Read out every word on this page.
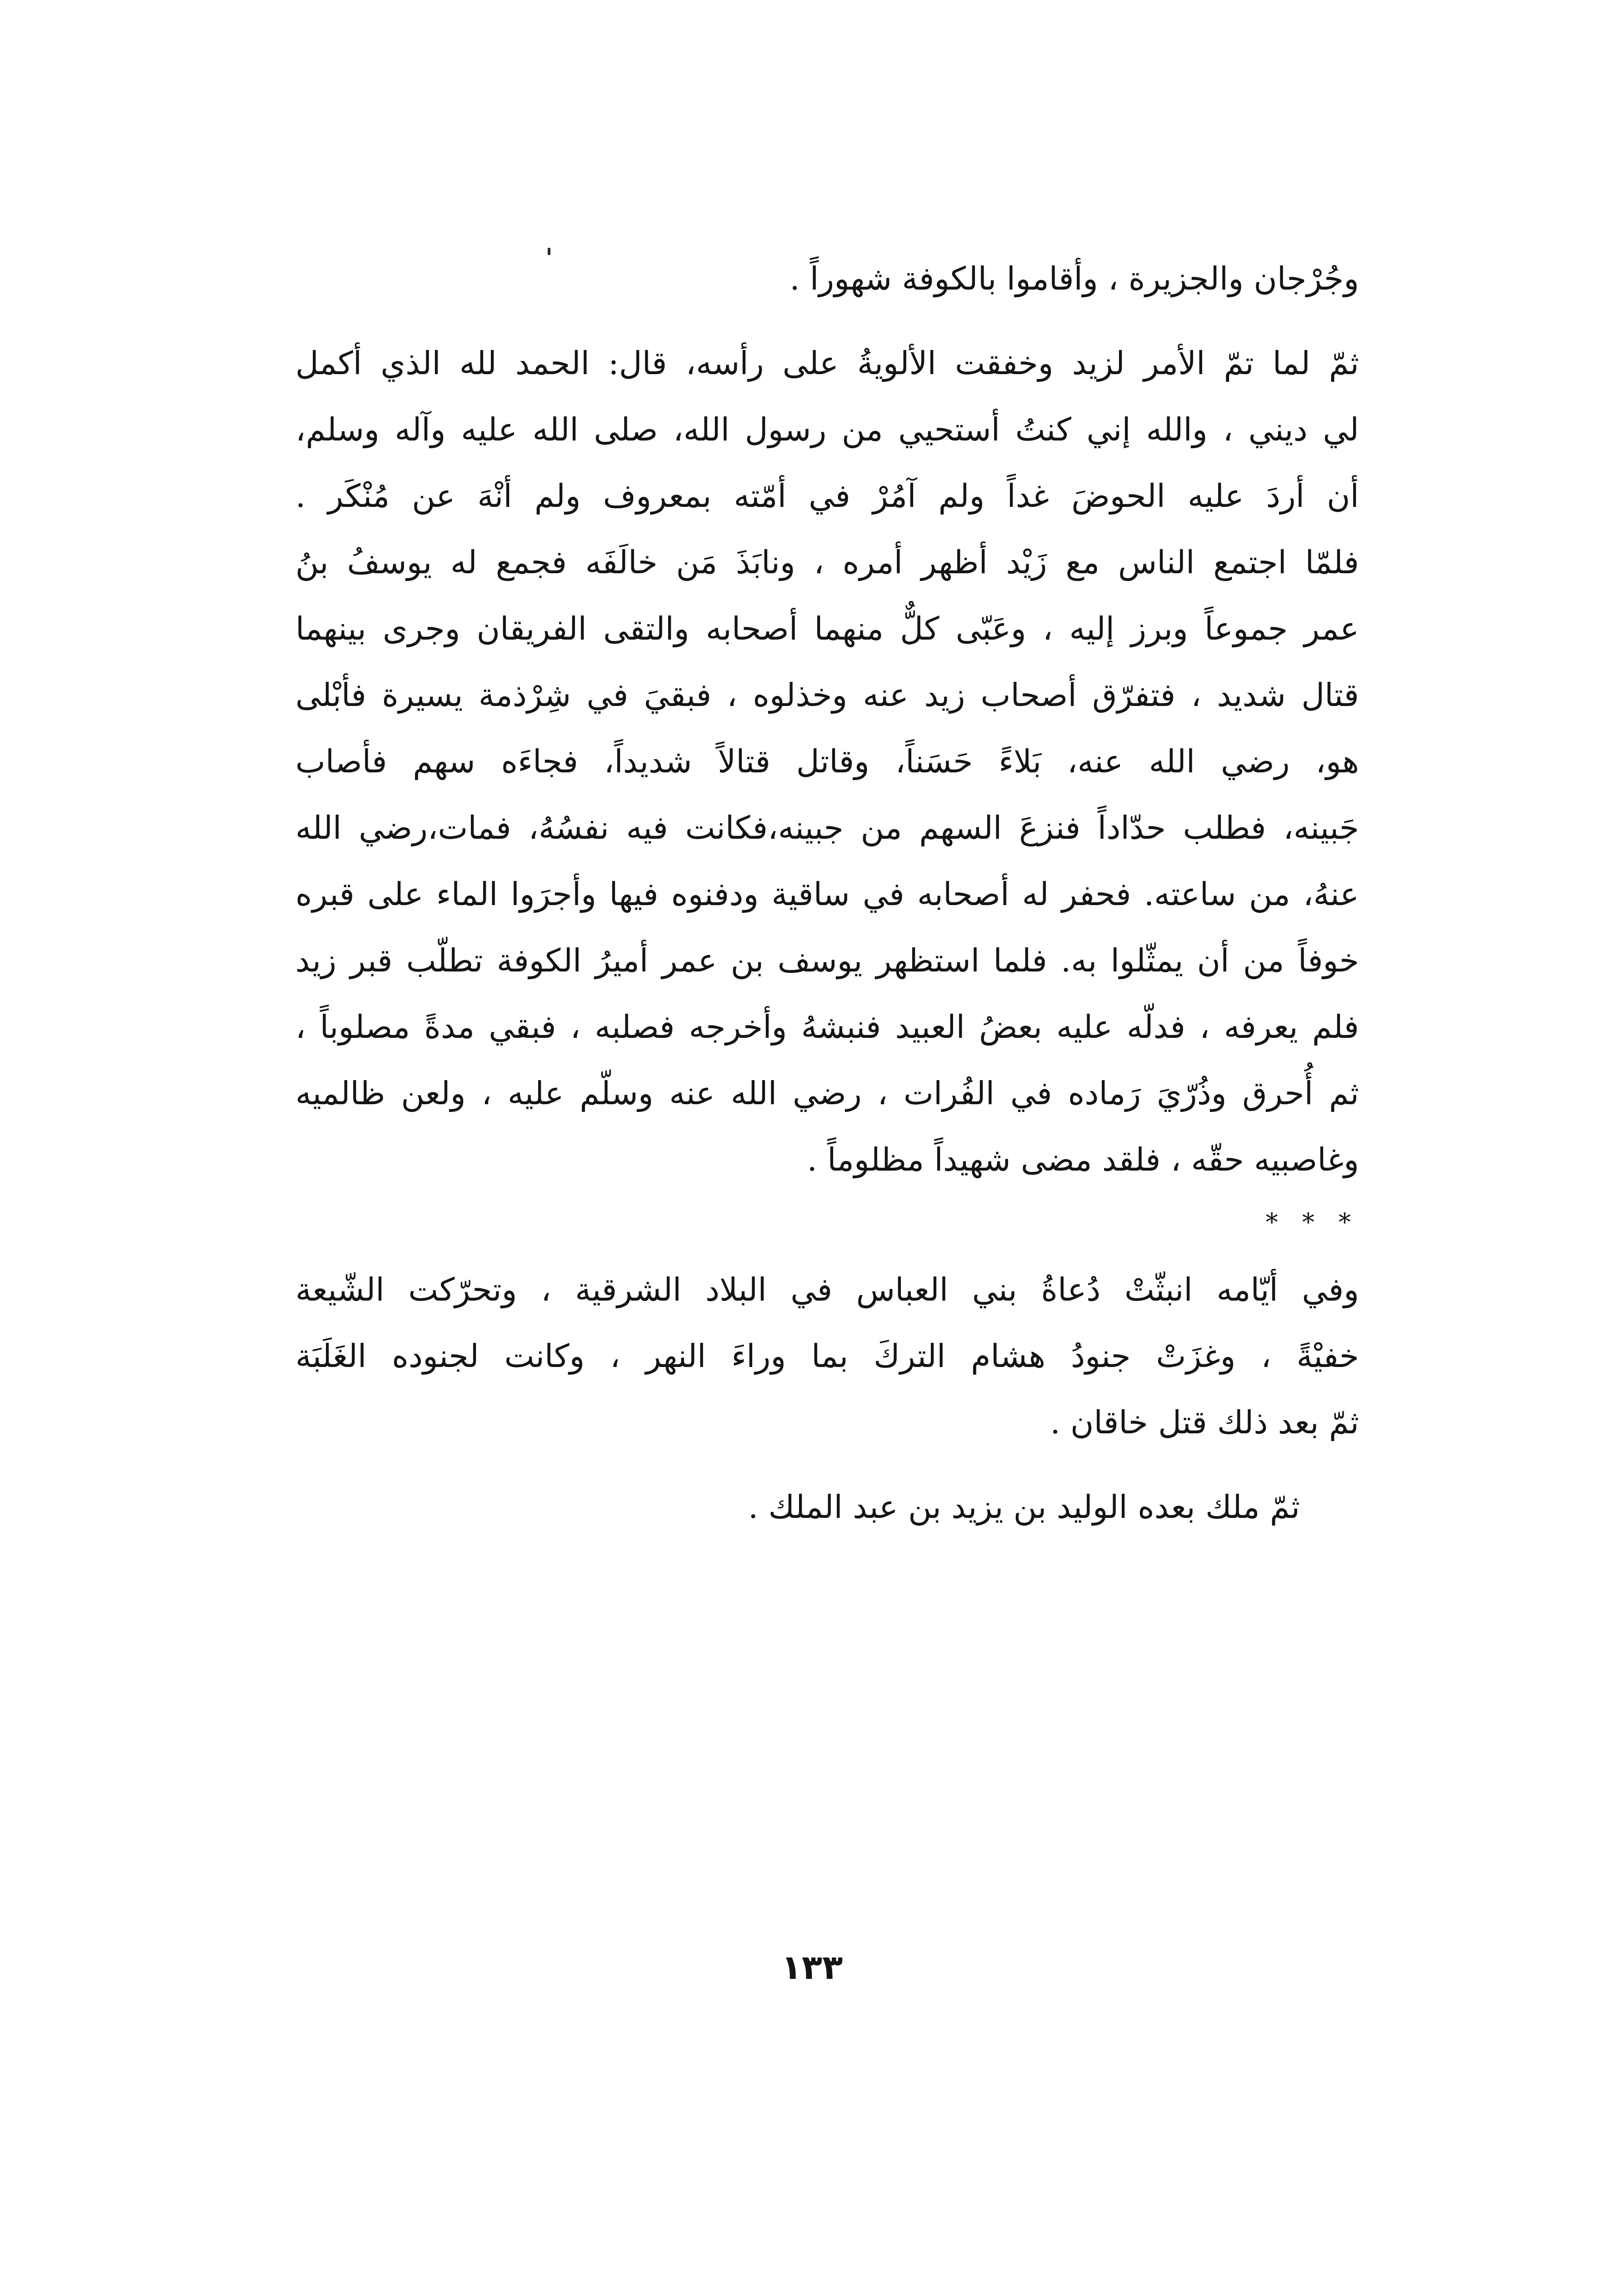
وجُرْجان والجزيرة ، وأقاموا بالكوفة شهوراً .
ثمّ لما تمّ الأمر لزيد وخفقت الألويةُ على رأسه، قال: الحمد لله الذي أكمل
لي ديني ، والله إني كنتُ أستحيي من رسول الله، صلى الله عليه وآله وسلم،
أن أردَ عليه الحوضَ غداً ولم آمُرْ في أمّته بمعروف ولم أنْهَ عن مُنْكَر .
فلمّا اجتمع الناس مع زَيْد أظهر أمره ، ونابَذَ مَن خالَفَه فجمع له يوسفُ بنُ
عمر جموعاً وبرز إليه ، وعَبّى كلٌّ منهما أصحابه والتقى الفريقان وجرى بينهما
قتال شديد ، فتفرّق أصحاب زيد عنه وخذلوه ، فبقيَ في شِرْذمة يسيرة فأبْلى
هو، رضي الله عنه، بَلاءً حَسَناً، وقاتل قتالاً شديداً، فجاءَه سهم فأصاب
جَبينه، فطلب حدّاداً فنزعَ السهم من جبينه،فكانت فيه نفسُهُ، فمات،رضي الله
عنهُ، من ساعته. فحفر له أصحابه في ساقية ودفنوه فيها وأجرَوا الماء على قبره
خوفاً من أن يمثّلوا به. فلما استظهر يوسف بن عمر أميرُ الكوفة تطلّب قبر زيد
فلم يعرفه ، فدلّه عليه بعضُ العبيد فنبشهُ وأخرجه فصلبه ، فبقي مدةً مصلوباً ،
ثم أُحرق وذُرّيَ رَماده في الفُرات ، رضي الله عنه وسلّم عليه ، ولعن ظالميه
وغاصبيه حقّه ، فلقد مضى شهيداً مظلوماً .
* * *
وفي أيّامه انبثّتْ دُعاةُ بني العباس في البلاد الشرقية ، وتحرّكت الشّيعة
خفيْةً ، وغزَتْ جنودُ هشام التركَ بما وراءَ النهر ، وكانت لجنوده الغَلَبَة
ثمّ بعد ذلك قتل خاقان .
ثمّ ملك بعده الوليد بن يزيد بن عبد الملك .
١٣٣
